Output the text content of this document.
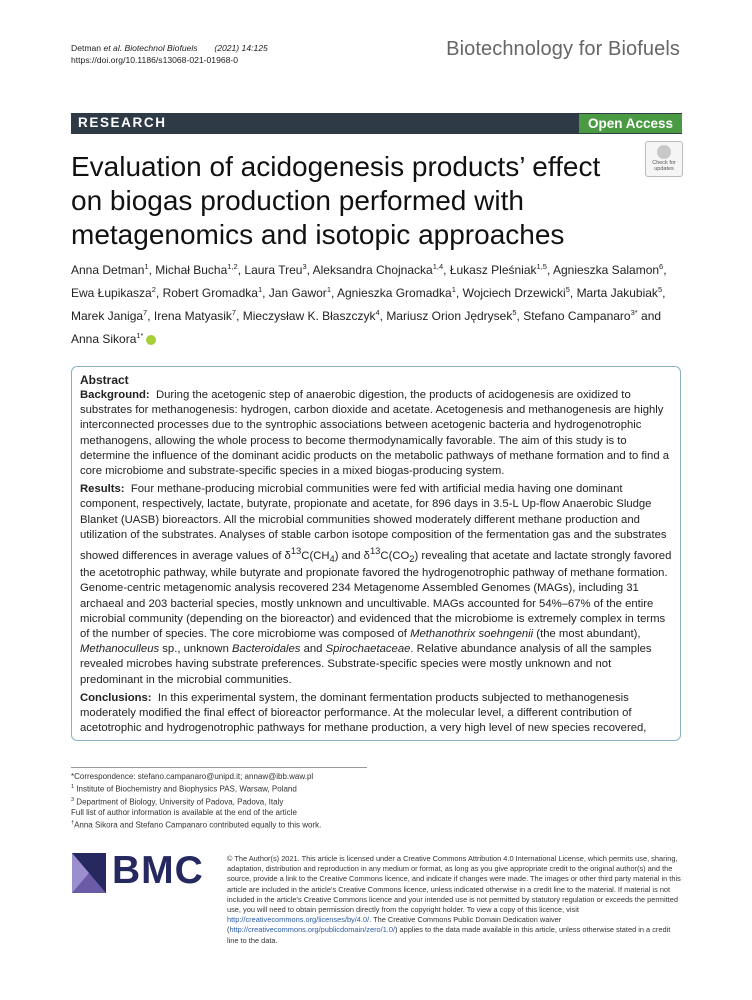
Detman et al. Biotechnol Biofuels (2021) 14:125
https://doi.org/10.1186/s13068-021-01968-0	Biotechnology for Biofuels
RESEARCH	Open Access
Evaluation of acidogenesis products’ effect on biogas production performed with metagenomics and isotopic approaches
Check for updates
Anna Detman$^1$, Michał Bucha$^{1,2}$, Laura Treu$^3$, Aleksandra Chojnacka$^{1,4}$, Łukasz Pleśniak$^{1,5}$, Agnieszka Salamon$^6$, Ewa Łupikasza$^2$, Robert Gromadka$^1$, Jan Gawor$^1$, Agnieszka Gromadka$^1$, Wojciech Drzewicki$^5$, Marta Jakubiak$^5$, Marek Janiga$^7$, Irena Matyasik$^7$, Mieczysław K. Błaszczyk$^4$, Mariusz Orion Jędrysek$^5$, Stefano Campanaro$^{3*}$ and Anna Sikora$^{1*}$
Abstract

Background: During the acetogenic step of anaerobic digestion, the products of acidogenesis are oxidized to substrates for methanogenesis: hydrogen, carbon dioxide and acetate. Acetogenesis and methanogenesis are highly interconnected processes due to the syntrophic associations between acetogenic bacteria and hydrogenotrophic methanogens, allowing the whole process to become thermodynamically favorable. The aim of this study is to determine the influence of the dominant acidic products on the metabolic pathways of methane formation and to find a core microbiome and substrate-specific species in a mixed biogas-producing system.

Results: Four methane-producing microbial communities were fed with artificial media having one dominant component, respectively, lactate, butyrate, propionate and acetate, for 896 days in 3.5-L Up-flow Anaerobic Sludge Blanket (UASB) bioreactors. All the microbial communities showed moderately different methane production and utilization of the substrates. Analyses of stable carbon isotope composition of the fermentation gas and the substrates showed differences in average values of $\delta^{13}C(CH_4)$ and $\delta^{13}C(CO_2)$ revealing that acetate and lactate strongly favored the acetotrophic pathway, while butyrate and propionate favored the hydrogenotrophic pathway of methane formation. Genome-centric metagenomic analysis recovered 234 Metagenome Assembled Genomes (MAGs), including 31 archaeal and 203 bacterial species, mostly unknown and uncultivable. MAGs accounted for 54%–67% of the entire microbial community (depending on the bioreactor) and evidenced that the microbiome is extremely complex in terms of the number of species. The core microbiome was composed of Methanothrix soehngenii (the most abundant), Methanoculleus sp., unknown Bacteroidales and Spirochaetaceae. Relative abundance analysis of all the samples revealed microbes having substrate preferences. Substrate-specific species were mostly unknown and not predominant in the microbial communities.

Conclusions: In this experimental system, the dominant fermentation products subjected to methanogenesis moderately modified the final effect of bioreactor performance. At the molecular level, a different contribution of acetotrophic and hydrogenotrophic pathways for methane production, a very high level of new species recovered,

*Correspondence: stefano.campanaro@unipd.it; annaw@ibb.waw.pl
$^1$ Institute of Biochemistry and Biophysics PAS, Warsaw, Poland
$^3$ Department of Biology, University of Padova, Padova, Italy
Full list of author information is available at the end of the article
†Anna Sikora and Stefano Campanaro contributed equally to this work.
BMC	© The Author(s) 2021. This article is licensed under a Creative Commons Attribution 4.0 International License, which permits use, sharing, adaptation, distribution and reproduction in any medium or format, as long as you give appropriate credit to the original author(s) and the source, provide a link to the Creative Commons licence, and indicate if changes were made. The images or other third party material in this article are included in the article’s Creative Commons licence, unless indicated otherwise in a credit line to the material. If material is not included in the article’s Creative Commons licence and your intended use is not permitted by statutory regulation or exceeds the permitted use, you will need to obtain permission directly from the copyright holder. To view a copy of this licence, visit http://creativecommons.org/licenses/by/4.0/. The Creative Commons Public Domain Dedication waiver (http://creativecommons.org/publicdomain/zero/1.0/) applies to the data made available in this article, unless otherwise stated in a credit line to the data.
